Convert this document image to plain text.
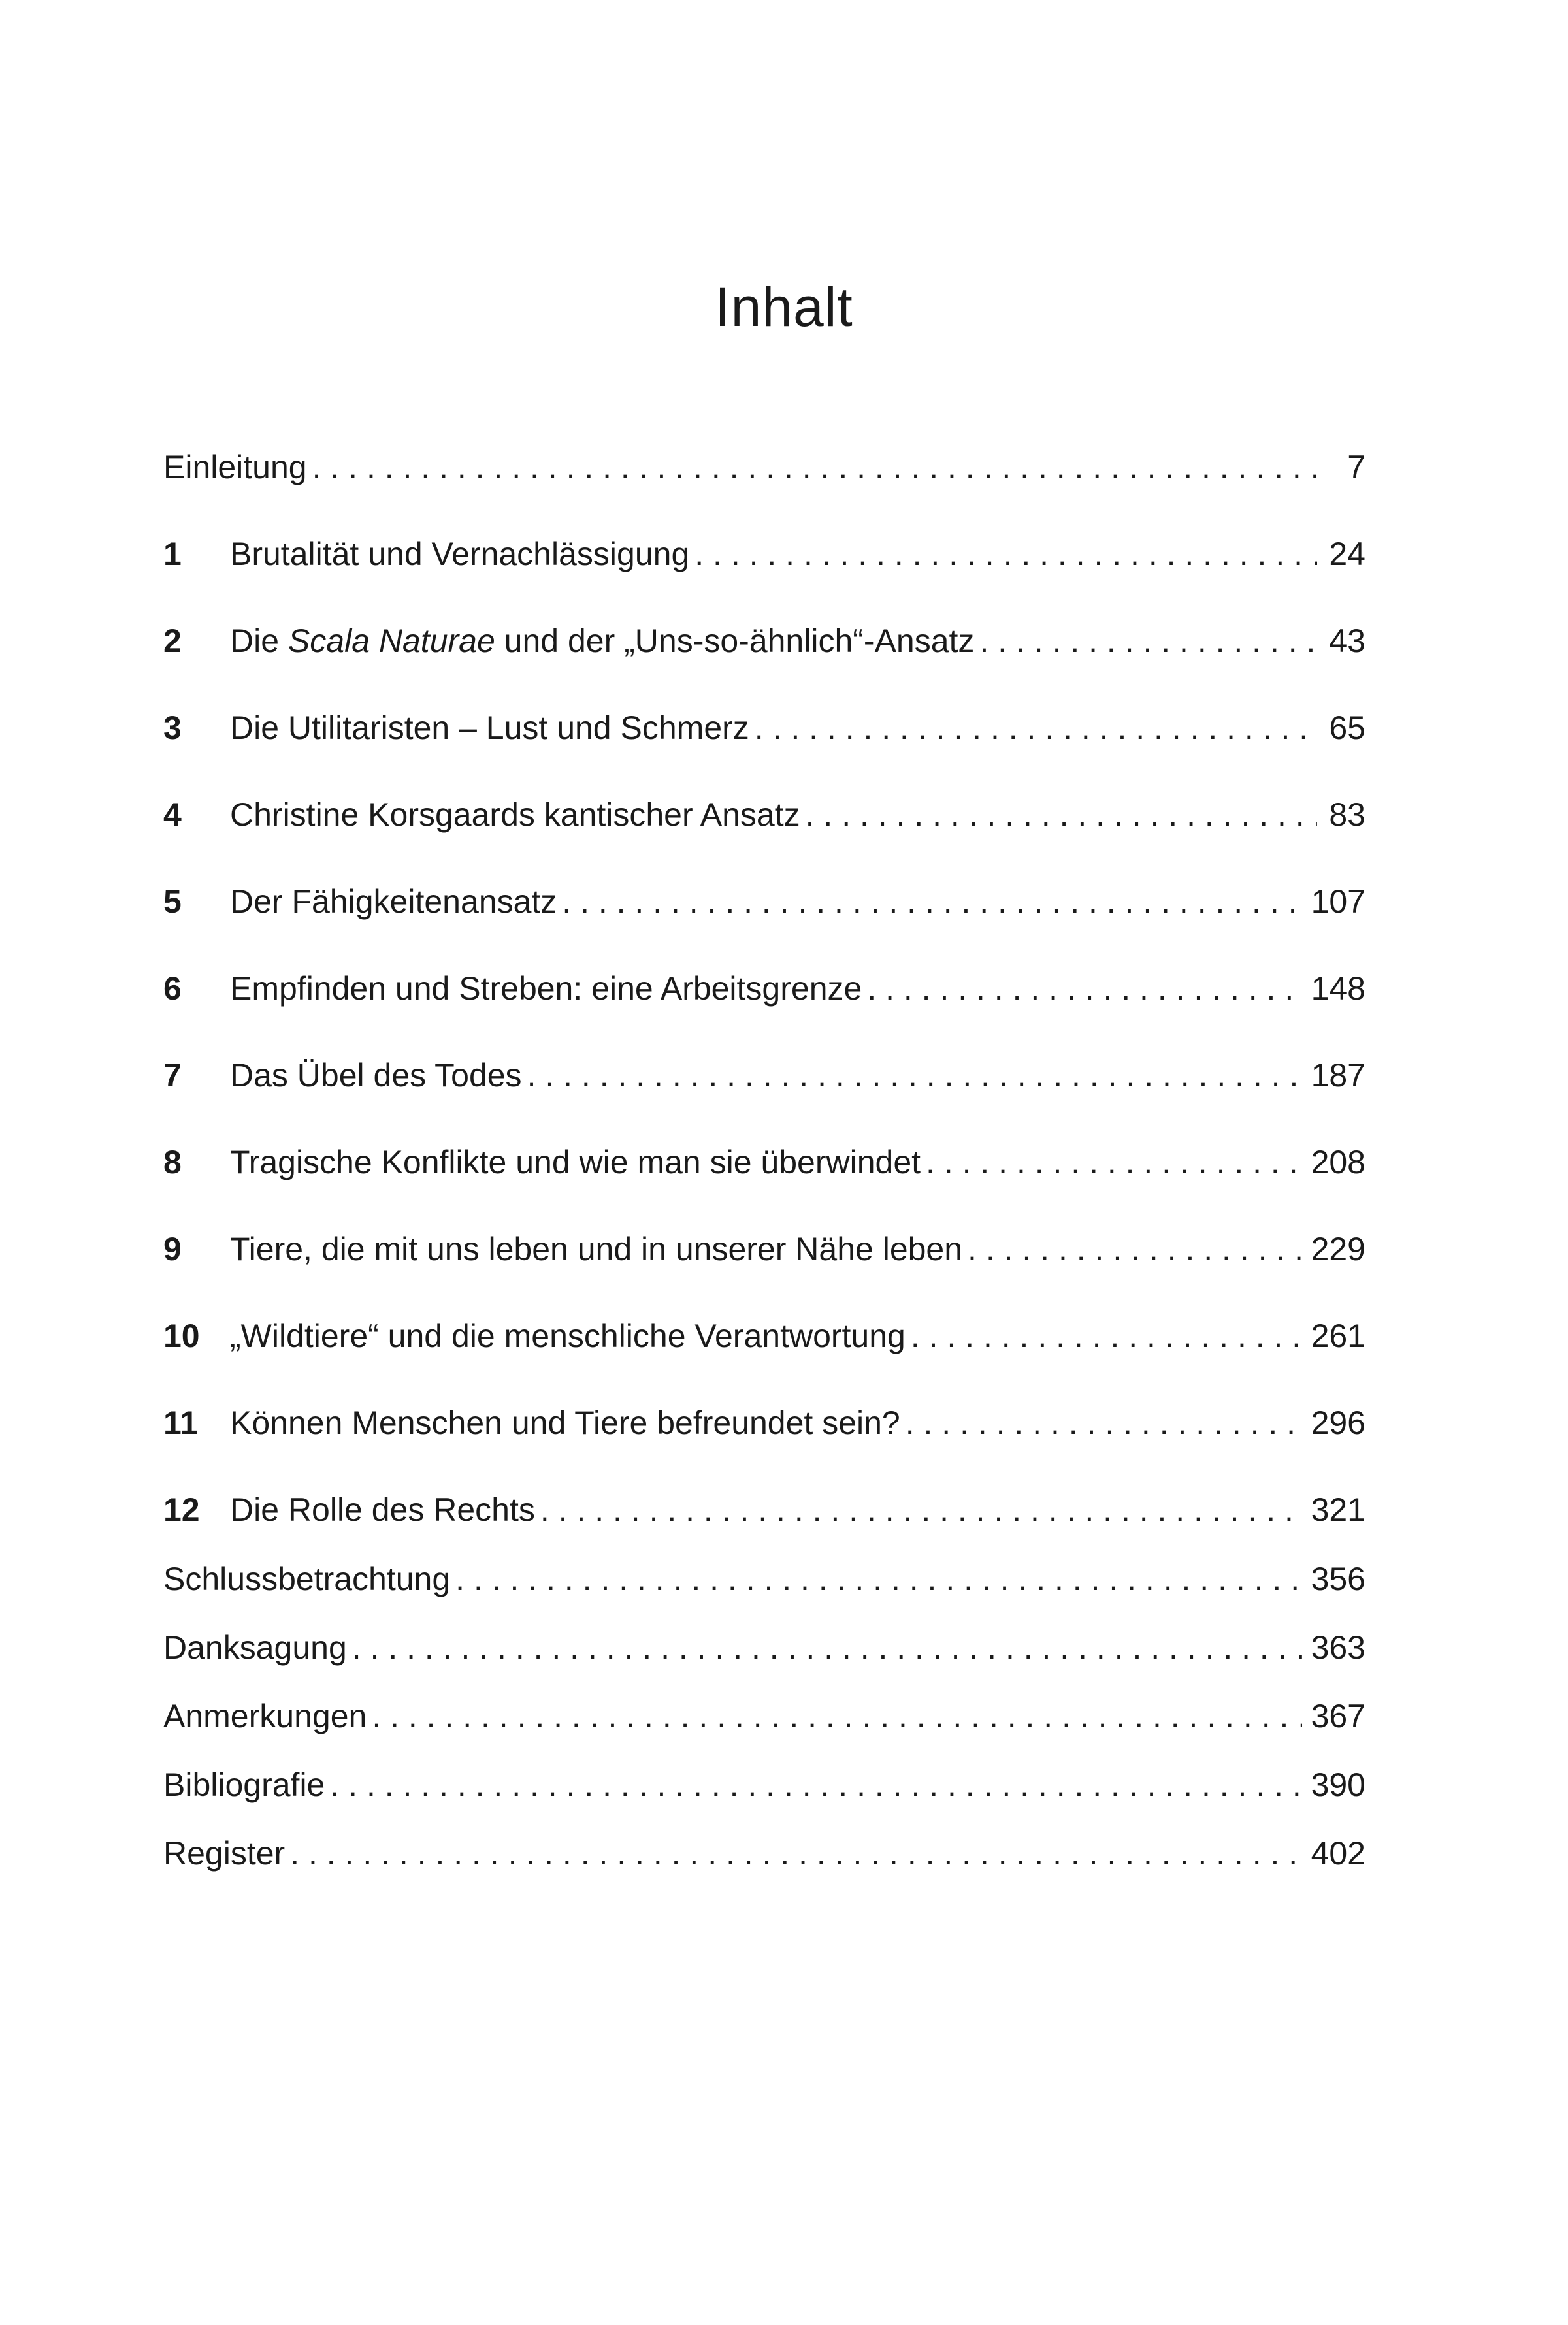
Inhalt
Einleitung . . .	7
1	Brutalität und Vernachlässigung . . .	24
2	Die Scala Naturae und der „Uns-so-ähnlich“-Ansatz . . .	43
3	Die Utilitaristen – Lust und Schmerz . . .	65
4	Christine Korsgaards kantischer Ansatz . . .	83
5	Der Fähigkeitenansatz . . .	107
6	Empfinden und Streben: eine Arbeitsgrenze . . .	148
7	Das Übel des Todes . . .	187
8	Tragische Konflikte und wie man sie überwindet . . .	208
9	Tiere, die mit uns leben und in unserer Nähe leben . . .	229
10 „Wildtiere“ und die menschliche Verantwortung . . .	261
11 Können Menschen und Tiere befreundet sein? . . .	296
12 Die Rolle des Rechts . . .	321
Schlussbetrachtung . . .	356
Danksagung . . .	363
Anmerkungen . . .	367
Bibliografie . . .	390
Register . . .	402
